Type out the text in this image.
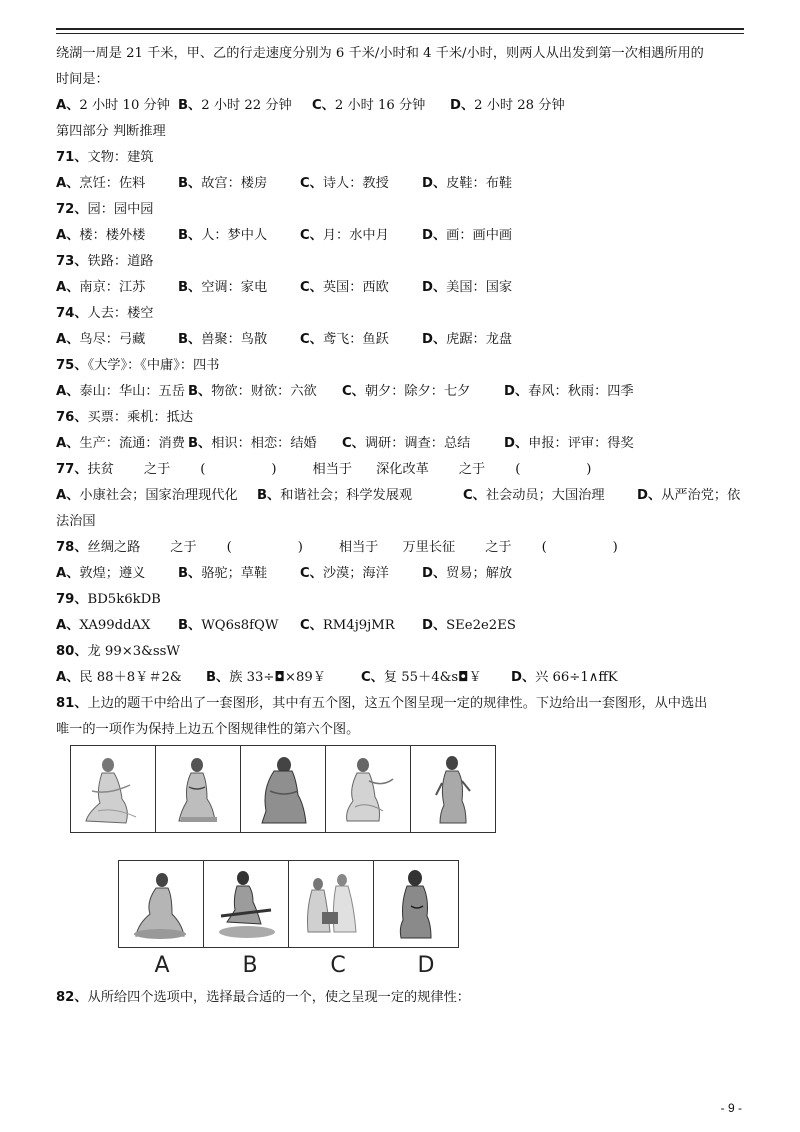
绕湖一周是 21 千米，甲、乙的行走速度分别为 6 千米/小时和 4 千米/小时，则两人从出发到第一次相遇所用的
时间是：
A、2 小时 10 分钟 B、2 小时 22 分钟 C、2 小时 16 分钟 D、2 小时 28 分钟
第四部分 判断推理
71、文物：建筑
A、烹饪：佐料 B、故宫：楼房 C、诗人：教授	D、皮鞋：布鞋
72、园：园中园
A、楼：楼外楼 B、人：梦中人 C、月：水中月	D、画：画中画
73、铁路：道路
A、南京：江苏 B、空调：家电 C、英国：西欧	D、美国：国家
74、人去：楼空
A、鸟尽：弓藏 B、兽聚：鸟散 C、鸢飞：鱼跃	D、虎踞：龙盘
75、《大学》：《中庸》：四书
A、泰山：华山：五岳 B、物欲：财欲：六欲 C、朝夕：除夕：七夕	D、春风：秋雨：四季
76、买票：乘机：抵达
A、生产：流通：消费 B、相识：相恋：结婚 C、调研：调查：总结	D、申报：评审：得奖
77、扶贫 之于 (　　　　　)	相当于 深化改革 之于 (　　　　　)
A、小康社会；国家治理现代化 B、和谐社会；科学发展观	C、社会动员；大国治理 D、从严治党；依
法治国
78、丝绸之路 之于 (　　　　　)	相当于 万里长征 之于 (　　　　　)
A、敦煌；遵义 B、骆驼；草鞋 C、沙漠；海洋	D、贸易；解放
79、BD5k6kDB
A、XA99ddAX B、WQ6s8fQW C、RM4j9jMR D、SEe2e2ES
80、龙 99×3&ssW
A、民 88＋8￥＃2& B、族 33÷◘×89￥	C、复 55＋4&s◘￥ D、兴 66÷1∧ffK
81、上边的题干中给出了一套图形，其中有五个图，这五个图呈现一定的规律性。下边给出一套图形，从中选出
唯一的一项作为保持上边五个图规律性的第六个图。
A	B	C	D
82、从所给四个选项中，选择最合适的一个，使之呈现一定的规律性：
- 9 -
